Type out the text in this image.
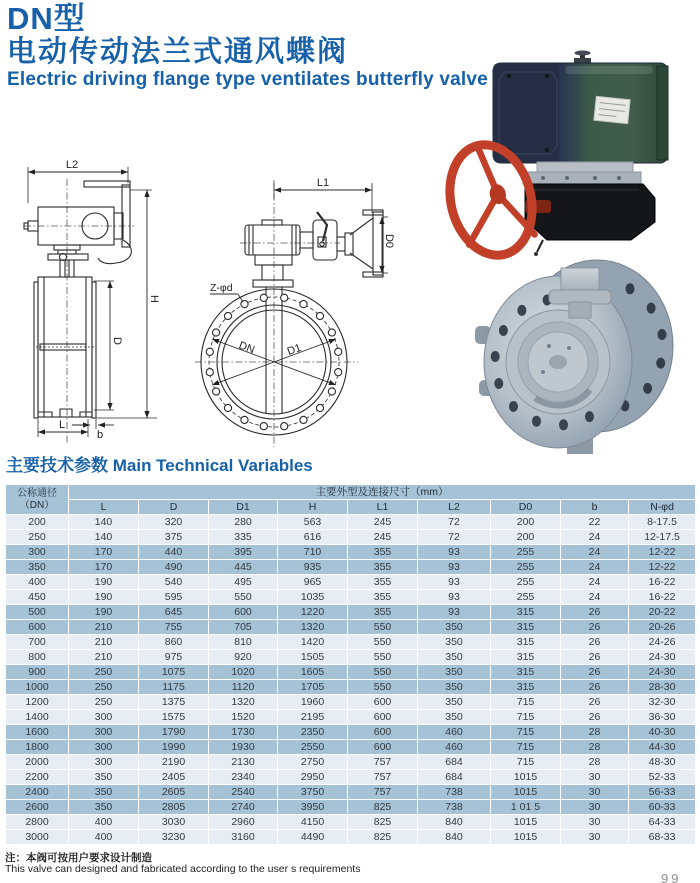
DN型
电动传动法兰式通风蝶阀
Electric driving flange type ventilates butterfly valve
L2
H
D
L
b
L1
D0
Z-φd
DN	D1
主要技术参数 Main Technical Variables
公称通径
（DN）	主要外型及连接尺寸（mm）								
	L	D	D1	H	L1	L2	D0	b	N-φd
200	140	320	280	563	245	72	200	22	8-17.5
250	140	375	335	616	245	72	200	24	12-17.5
300	170	440	395	710	355	93	255	24	12-22
350	170	490	445	935	355	93	255	24	12-22
400	190	540	495	965	355	93	255	24	16-22
450	190	595	550	1035	355	93	255	24	16-22
500	190	645	600	1220	355	93	315	26	20-22
600	210	755	705	1320	550	350	315	26	20-26
700	210	860	810	1420	550	350	315	26	24-26
800	210	975	920	1505	550	350	315	26	24-30
900	250	1075	1020	1605	550	350	315	26	24-30
1000	250	1175	1120	1705	550	350	315	26	28-30
1200	250	1375	1320	1960	600	350	715	26	32-30
1400	300	1575	1520	2195	600	350	715	26	36-30
1600	300	1790	1730	2350	600	460	715	28	40-30
1800	300	1990	1930	2550	600	460	715	28	44-30
2000	300	2190	2130	2750	757	684	715	28	48-30
2200	350	2405	2340	2950	757	684	1015	30	52-33
2400	350	2605	2540	3750	757	738	1015	30	56-33
2600	350	2805	2740	3950	825	738	1 01 5	30	60-33
2800	400	3030	2960	4150	825	840	1015	30	64-33
3000	400	3230	3160	4490	825	840	1015	30	68-33
注：本阀可按用户要求设计制造
This valve can designed and fabricated according to the user s requirements
99
